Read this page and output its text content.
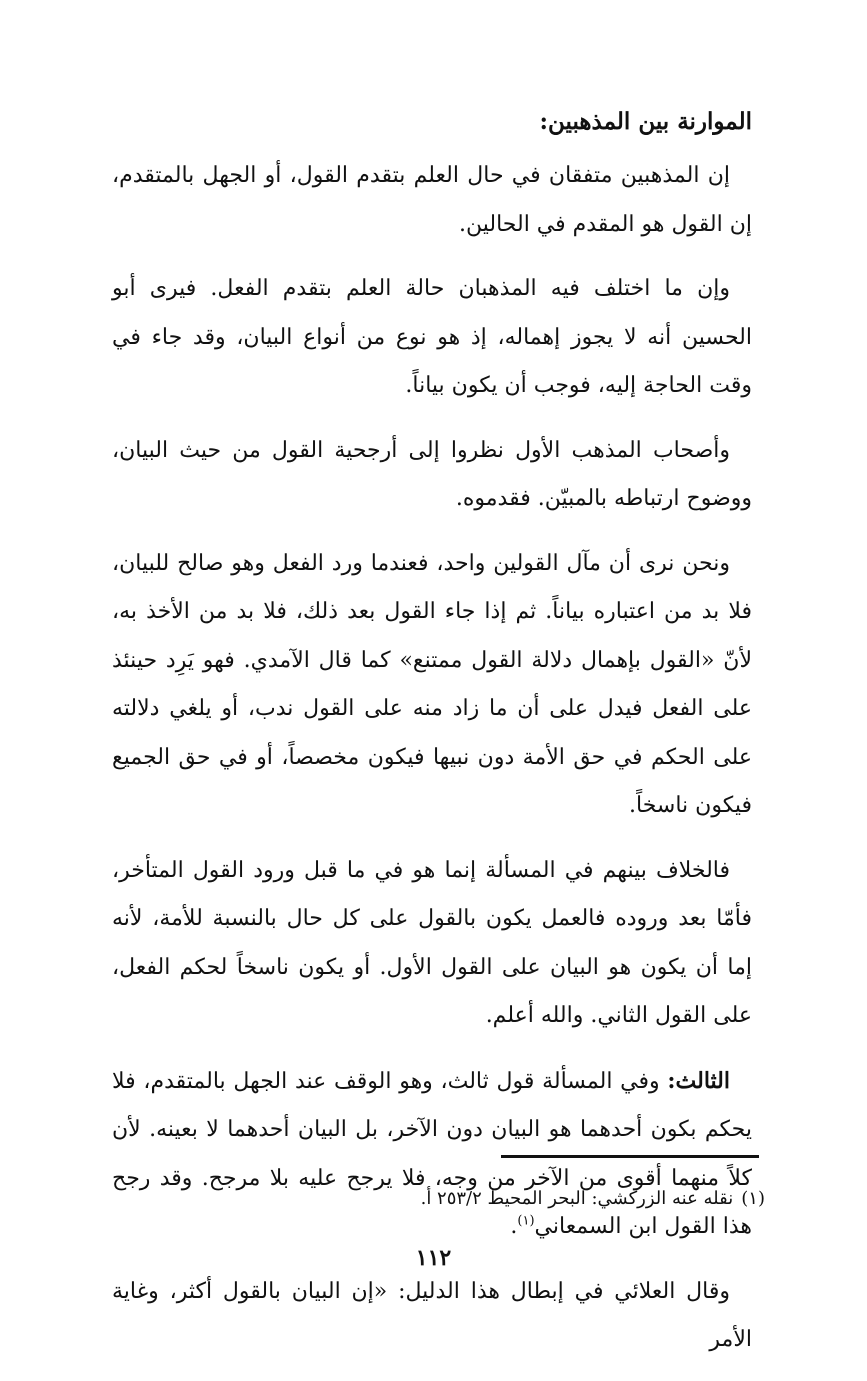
الموارنة بين المذهبين:

إن المذهبين متفقان في حال العلم بتقدم القول، أو الجهل بالمتقدم، إن القول هو المقدم في الحالين.

وإن ما اختلف فيه المذهبان حالة العلم بتقدم الفعل. فيرى أبو الحسين أنه لا يجوز إهماله، إذ هو نوع من أنواع البيان، وقد جاء في وقت الحاجة إليه، فوجب أن يكون بياناً.

وأصحاب المذهب الأول نظروا إلى أرجحية القول من حيث البيان، ووضوح ارتباطه بالمبيّن. فقدموه.

ونحن نرى أن مآل القولين واحد، فعندما ورد الفعل وهو صالح للبيان، فلا بد من اعتباره بياناً. ثم إذا جاء القول بعد ذلك، فلا بد من الأخذ به، لأنّ «القول بإهمال دلالة القول ممتنع» كما قال الآمدي. فهو يَرِد حينئذ على الفعل فيدل على أن ما زاد منه على القول ندب، أو يلغي دلالته على الحكم في حق الأمة دون نبيها فيكون مخصصاً، أو في حق الجميع فيكون ناسخاً.

فالخلاف بينهم في المسألة إنما هو في ما قبل ورود القول المتأخر، فأمّا بعد وروده فالعمل يكون بالقول على كل حال بالنسبة للأمة، لأنه إما أن يكون هو البيان على القول الأول. أو يكون ناسخاً لحكم الفعل، على القول الثاني. والله أعلم.

الثالث: وفي المسألة قول ثالث، وهو الوقف عند الجهل بالمتقدم، فلا يحكم بكون أحدهما هو البيان دون الآخر، بل البيان أحدهما لا بعينه. لأن كلاً منهما أقوى من الآخر من وجه، فلا يرجح عليه بلا مرجح. وقد رجح هذا القول ابن السمعاني$^{(١)}$.

وقال العلائي في إبطال هذا الدليل: «إن البيان بالقول أكثر، وغاية الأمر

(١)نقله عنه الزركشي: البحر المحيط ٢٥٣/٢ أ.
١١٢
